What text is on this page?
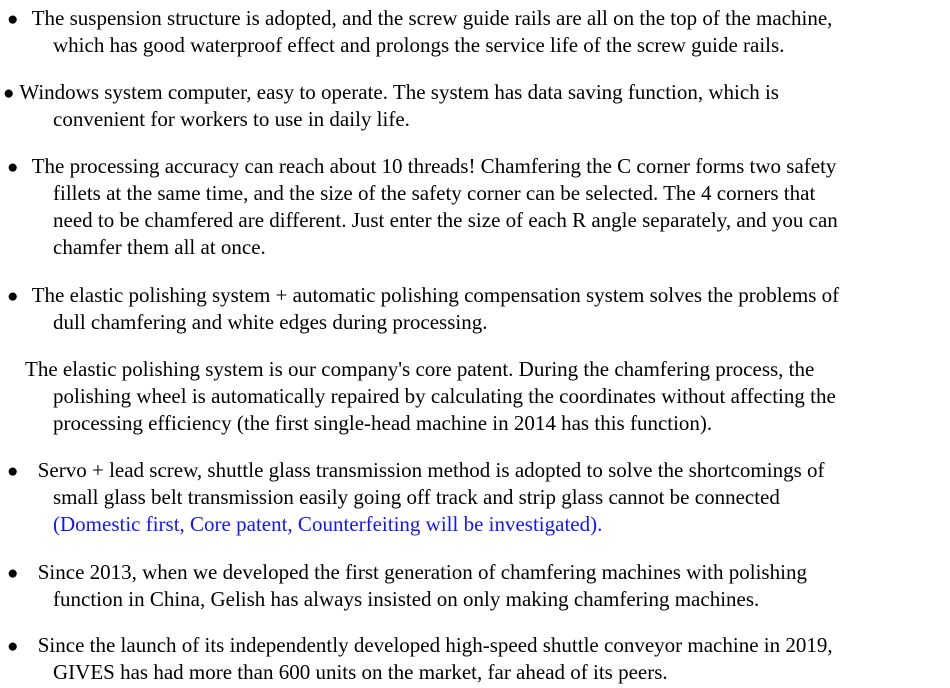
● The suspension structure is adopted, and the screw guide rails are all on the top of the machine,
which has good waterproof effect and prolongs the service life of the screw guide rails.
● Windows system computer, easy to operate. The system has data saving function, which is
convenient for workers to use in daily life.
● The processing accuracy can reach about 10 threads! Chamfering the C corner forms two safety
fillets at the same time, and the size of the safety corner can be selected. The 4 corners that
need to be chamfered are different. Just enter the size of each R angle separately, and you can
chamfer them all at once.
● The elastic polishing system + automatic polishing compensation system solves the problems of
dull chamfering and white edges during processing.
The elastic polishing system is our company's core patent. During the chamfering process, the
polishing wheel is automatically repaired by calculating the coordinates without affecting the
processing efficiency (the first single-head machine in 2014 has this function).
● Servo + lead screw, shuttle glass transmission method is adopted to solve the shortcomings of
small glass belt transmission easily going off track and strip glass cannot be connected
(Domestic first, Core patent, Counterfeiting will be investigated).
● Since 2013, when we developed the first generation of chamfering machines with polishing
function in China, Gelish has always insisted on only making chamfering machines.
● Since the launch of its independently developed high-speed shuttle conveyor machine in 2019,
GIVES has had more than 600 units on the market, far ahead of its peers.
